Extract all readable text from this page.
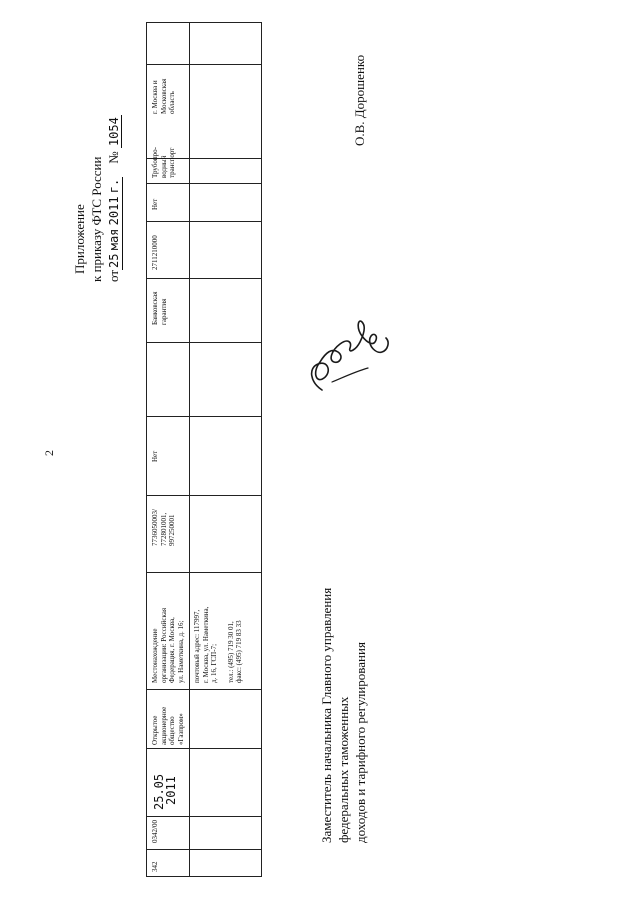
2
Приложение к приказу ФТС России от25 мая 2011 г.    № 1054
342
0342/00
25.05
2011
Открытое акционерное общество «Газпром»
Местонахождение организации: Российская Федерация, г. Москва, ул. Наметкина, д. 16; почтовый адрес: 117997, г. Москва, ул. Наметкина, д. 16, ГСП-7; тел.: (495) 719 30 01, факс: (495) 719 83 33
7736050003/ 772801001, 997250001
Нет
Банковская гарантия
2711210000
Нет
Трубопро- водный транспорт
г. Москва и Московская область
Заместитель начальника Главного управления федеральных таможенных доходов и тарифного регулирования
О.В. Дорошенко
